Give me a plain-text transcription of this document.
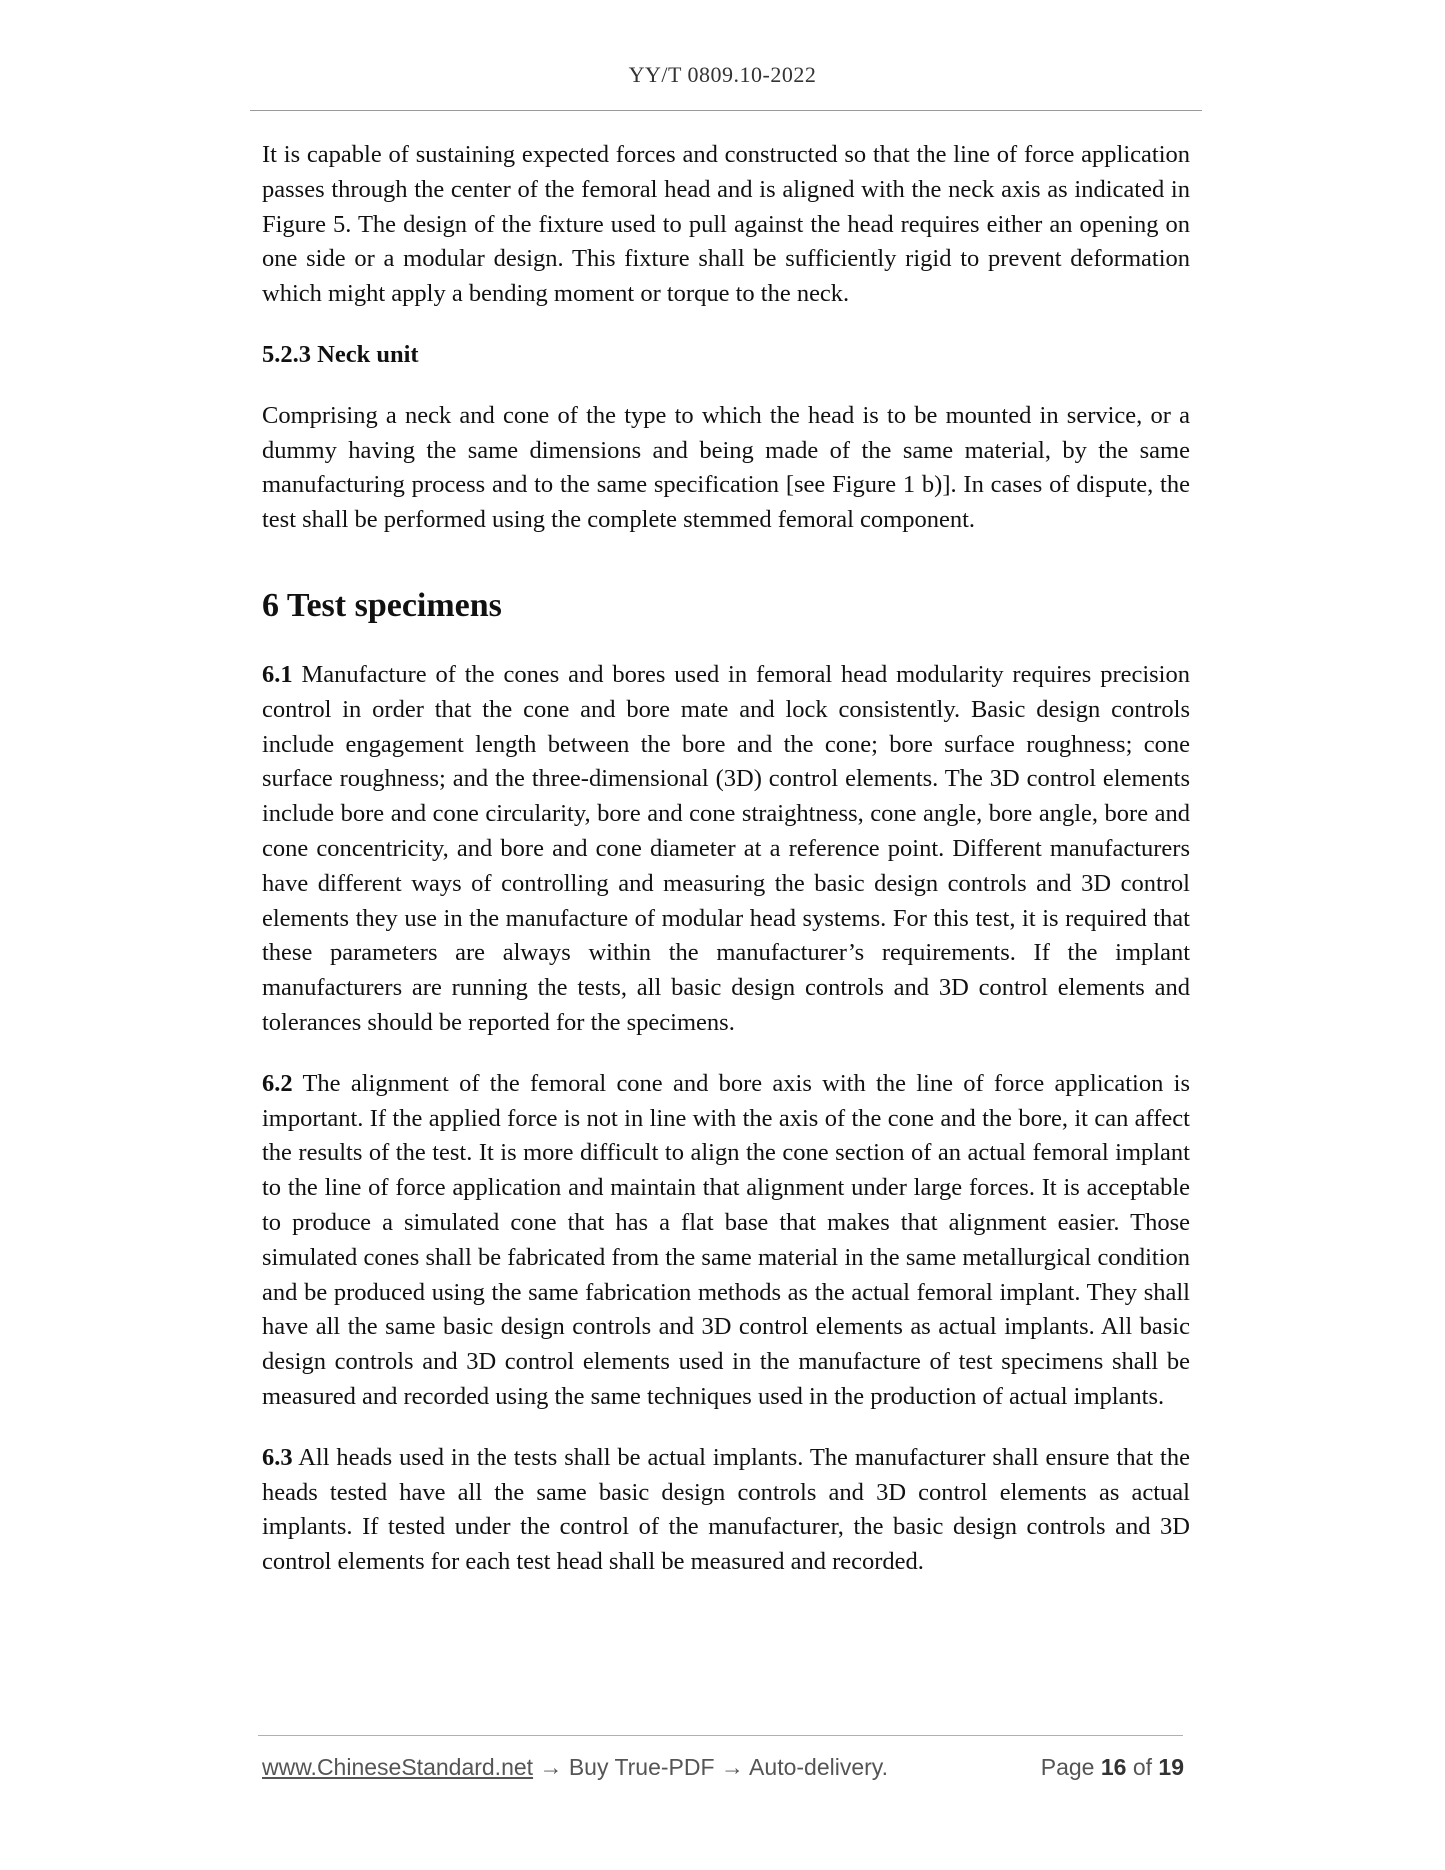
YY/T 0809.10-2022

It is capable of sustaining expected forces and constructed so that the line of force application passes through the center of the femoral head and is aligned with the neck axis as indicated in Figure 5. The design of the fixture used to pull against the head requires either an opening on one side or a modular design. This fixture shall be sufficiently rigid to prevent deformation which might apply a bending moment or torque to the neck.

5.2.3 Neck unit

Comprising a neck and cone of the type to which the head is to be mounted in service, or a dummy having the same dimensions and being made of the same material, by the same manufacturing process and to the same specification [see Figure 1 b)]. In cases of dispute, the test shall be performed using the complete stemmed femoral component.

6 Test specimens

6.1 Manufacture of the cones and bores used in femoral head modularity requires precision control in order that the cone and bore mate and lock consistently. Basic design controls include engagement length between the bore and the cone; bore surface roughness; cone surface roughness; and the three-dimensional (3D) control elements. The 3D control elements include bore and cone circularity, bore and cone straightness, cone angle, bore angle, bore and cone concentricity, and bore and cone diameter at a reference point. Different manufacturers have different ways of controlling and measuring the basic design controls and 3D control elements they use in the manufacture of modular head systems. For this test, it is required that these parameters are always within the manufacturer’s requirements. If the implant manufacturers are running the tests, all basic design controls and 3D control elements and tolerances should be reported for the specimens.

6.2 The alignment of the femoral cone and bore axis with the line of force application is important. If the applied force is not in line with the axis of the cone and the bore, it can affect the results of the test. It is more difficult to align the cone section of an actual femoral implant to the line of force application and maintain that alignment under large forces. It is acceptable to produce a simulated cone that has a flat base that makes that alignment easier. Those simulated cones shall be fabricated from the same material in the same metallurgical condition and be produced using the same fabrication methods as the actual femoral implant. They shall have all the same basic design controls and 3D control elements as actual implants. All basic design controls and 3D control elements used in the manufacture of test specimens shall be measured and recorded using the same techniques used in the production of actual implants.

6.3 All heads used in the tests shall be actual implants. The manufacturer shall ensure that the heads tested have all the same basic design controls and 3D control elements as actual implants. If tested under the control of the manufacturer, the basic design controls and 3D control elements for each test head shall be measured and recorded.

www.ChineseStandard.net → Buy True-PDF → Auto-delivery.	Page 16 of 19
